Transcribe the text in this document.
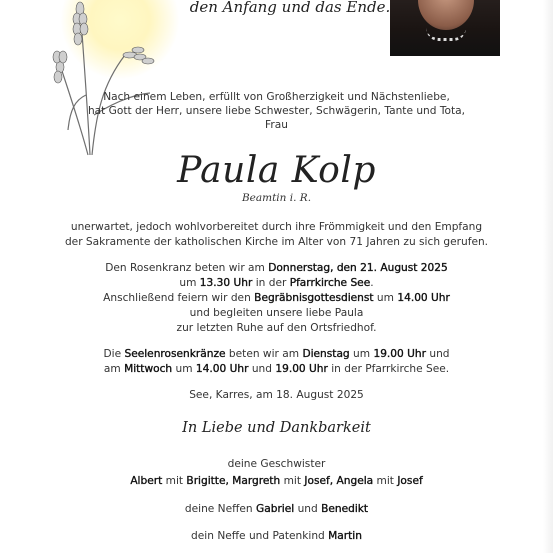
den Anfang und das Ende.
Nach einem Leben, erfüllt von Großherzigkeit und Nächstenliebe,
hat Gott der Herr, unsere liebe Schwester, Schwägerin, Tante und Tota,
Frau
Paula Kolp
Beamtin i. R.
unerwartet, jedoch wohlvorbereitet durch ihre Frömmigkeit und den Empfang
der Sakramente der katholischen Kirche im Alter von 71 Jahren zu sich gerufen.
Den Rosenkranz beten wir am Donnerstag, den 21. August 2025
um 13.30 Uhr in der Pfarrkirche See.
Anschließend feiern wir den Begräbnisgottesdienst um 14.00 Uhr
und begleiten unsere liebe Paula
zur letzten Ruhe auf den Ortsfriedhof.
Die Seelenrosenkränze beten wir am Dienstag um 19.00 Uhr und
am Mittwoch um 14.00 Uhr und 19.00 Uhr in der Pfarrkirche See.
See, Karres, am 18. August 2025
In Liebe und Dankbarkeit
deine Geschwister
Albert mit Brigitte, Margreth mit Josef, Angela mit Josef
deine Neffen Gabriel und Benedikt
dein Neffe und Patenkind Martin
